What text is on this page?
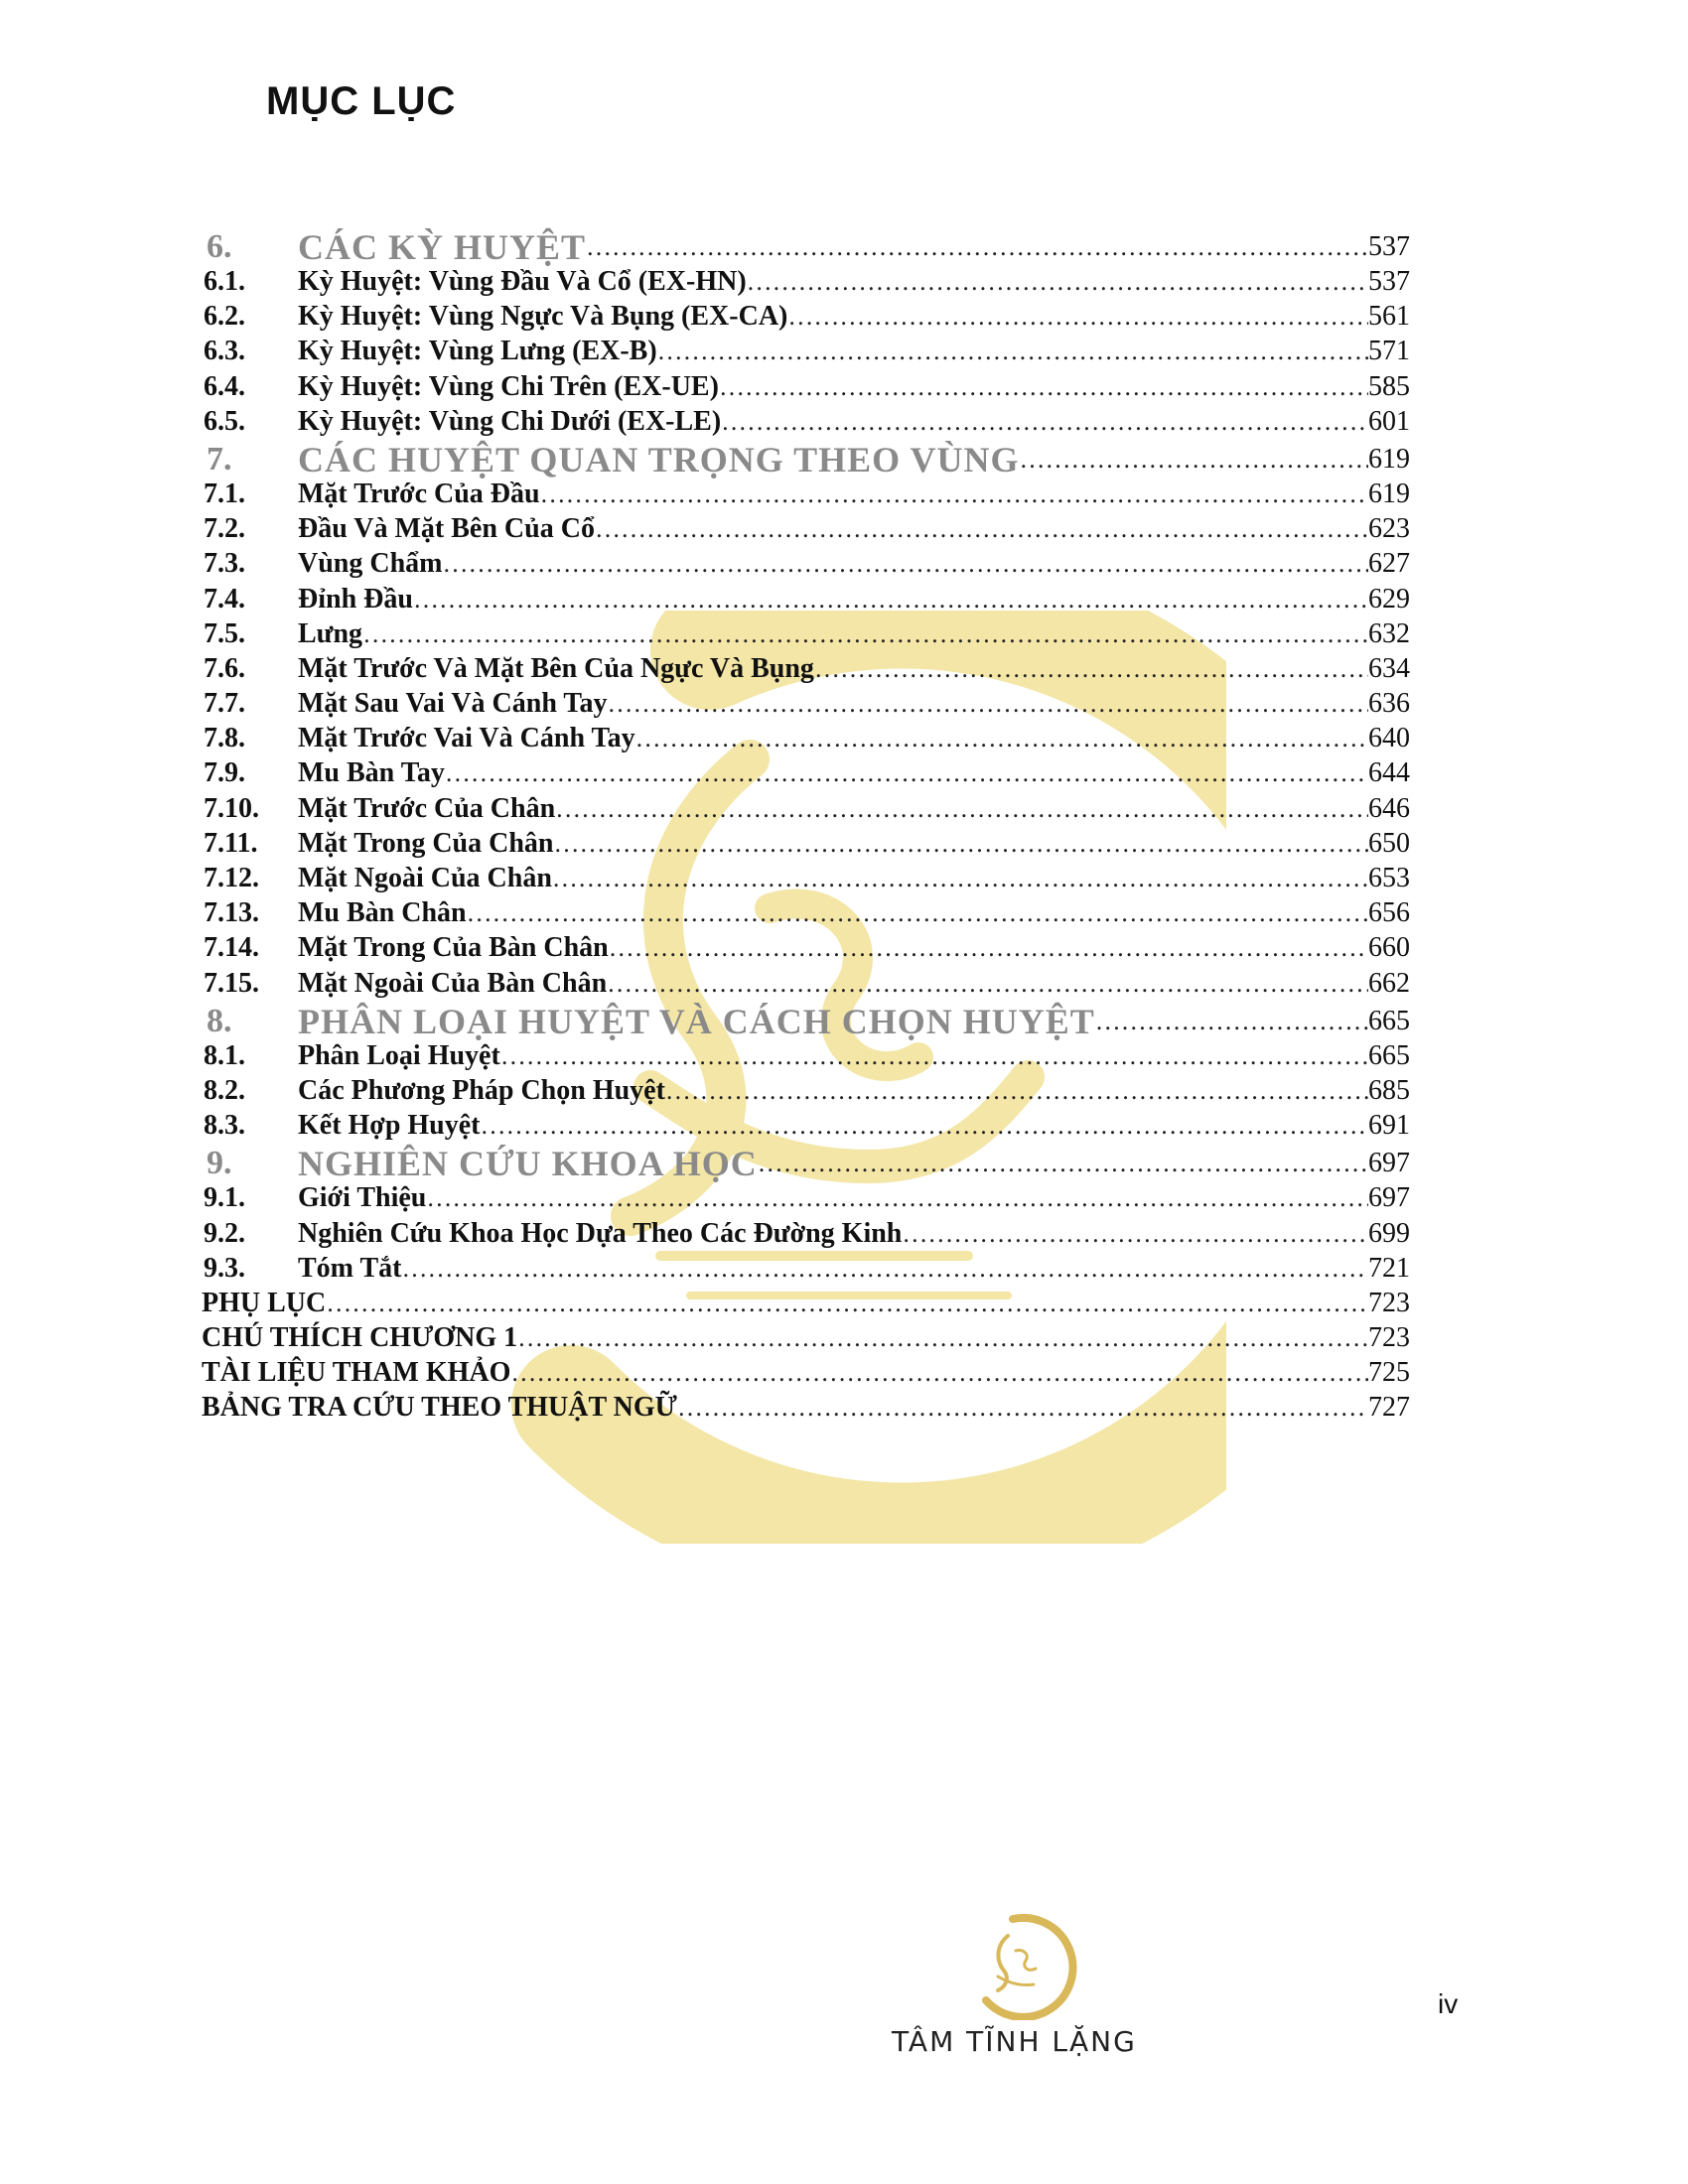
MỤC LỤC
6. CÁC KỲ HUYỆT ………………………………………………………………………………………………………………………………………………………………………………………………	537
6.1. Kỳ Huyệt: Vùng Đầu Và Cổ (EX-HN) ………………………………………………………………………………………………………………………………………………………………………………………………	537
6.2. Kỳ Huyệt: Vùng Ngực Và Bụng (EX-CA) ………………………………………………………………………………………………………………………………………………………………………………………………	561
6.3. Kỳ Huyệt: Vùng Lưng (EX-B) ………………………………………………………………………………………………………………………………………………………………………………………………	571
6.4. Kỳ Huyệt: Vùng Chi Trên (EX-UE) ………………………………………………………………………………………………………………………………………………………………………………………………	585
6.5. Kỳ Huyệt: Vùng Chi Dưới (EX-LE) ………………………………………………………………………………………………………………………………………………………………………………………………	601
7. CÁC HUYỆT QUAN TRỌNG THEO VÙNG ………………………………………………………………………………………………………………………………………………………………………………………………	619
7.1. Mặt Trước Của Đầu ………………………………………………………………………………………………………………………………………………………………………………………………	619
7.2. Đầu Và Mặt Bên Của Cổ ………………………………………………………………………………………………………………………………………………………………………………………………	623
7.3. Vùng Chẩm ………………………………………………………………………………………………………………………………………………………………………………………………	627
7.4. Đỉnh Đầu ………………………………………………………………………………………………………………………………………………………………………………………………	629
7.5. Lưng ………………………………………………………………………………………………………………………………………………………………………………………………	632
7.6. Mặt Trước Và Mặt Bên Của Ngực Và Bụng ………………………………………………………………………………………………………………………………………………………………………………………………	634
7.7. Mặt Sau Vai Và Cánh Tay ………………………………………………………………………………………………………………………………………………………………………………………………	636
7.8. Mặt Trước Vai Và Cánh Tay ………………………………………………………………………………………………………………………………………………………………………………………………	640
7.9. Mu Bàn Tay ………………………………………………………………………………………………………………………………………………………………………………………………	644
7.10. Mặt Trước Của Chân ………………………………………………………………………………………………………………………………………………………………………………………………	646
7.11. Mặt Trong Của Chân ………………………………………………………………………………………………………………………………………………………………………………………………	650
7.12. Mặt Ngoài Của Chân ………………………………………………………………………………………………………………………………………………………………………………………………	653
7.13. Mu Bàn Chân ………………………………………………………………………………………………………………………………………………………………………………………………	656
7.14. Mặt Trong Của Bàn Chân ………………………………………………………………………………………………………………………………………………………………………………………………	660
7.15. Mặt Ngoài Của Bàn Chân ………………………………………………………………………………………………………………………………………………………………………………………………	662
8. PHÂN LOẠI HUYỆT VÀ CÁCH CHỌN HUYỆT ………………………………………………………………………………………………………………………………………………………………………………………………	665
8.1. Phân Loại Huyệt ………………………………………………………………………………………………………………………………………………………………………………………………	665
8.2. Các Phương Pháp Chọn Huyệt ………………………………………………………………………………………………………………………………………………………………………………………………	685
8.3. Kết Hợp Huyệt ………………………………………………………………………………………………………………………………………………………………………………………………	691
9. NGHIÊN CỨU KHOA HỌC ………………………………………………………………………………………………………………………………………………………………………………………………	697
9.1. Giới Thiệu ………………………………………………………………………………………………………………………………………………………………………………………………	697
9.2. Nghiên Cứu Khoa Học Dựa Theo Các Đường Kinh ………………………………………………………………………………………………………………………………………………………………………………………………	699
9.3. Tóm Tắt ………………………………………………………………………………………………………………………………………………………………………………………………	721
PHỤ LỤC ………………………………………………………………………………………………………………………………………………………………………………………………	723
CHÚ THÍCH CHƯƠNG 1 ………………………………………………………………………………………………………………………………………………………………………………………………	723
TÀI LIỆU THAM KHẢO ………………………………………………………………………………………………………………………………………………………………………………………………	725
BẢNG TRA CỨU THEO THUẬT NGỮ ………………………………………………………………………………………………………………………………………………………………………………………………	727
TÂM TĨNH LẶNG
iv
